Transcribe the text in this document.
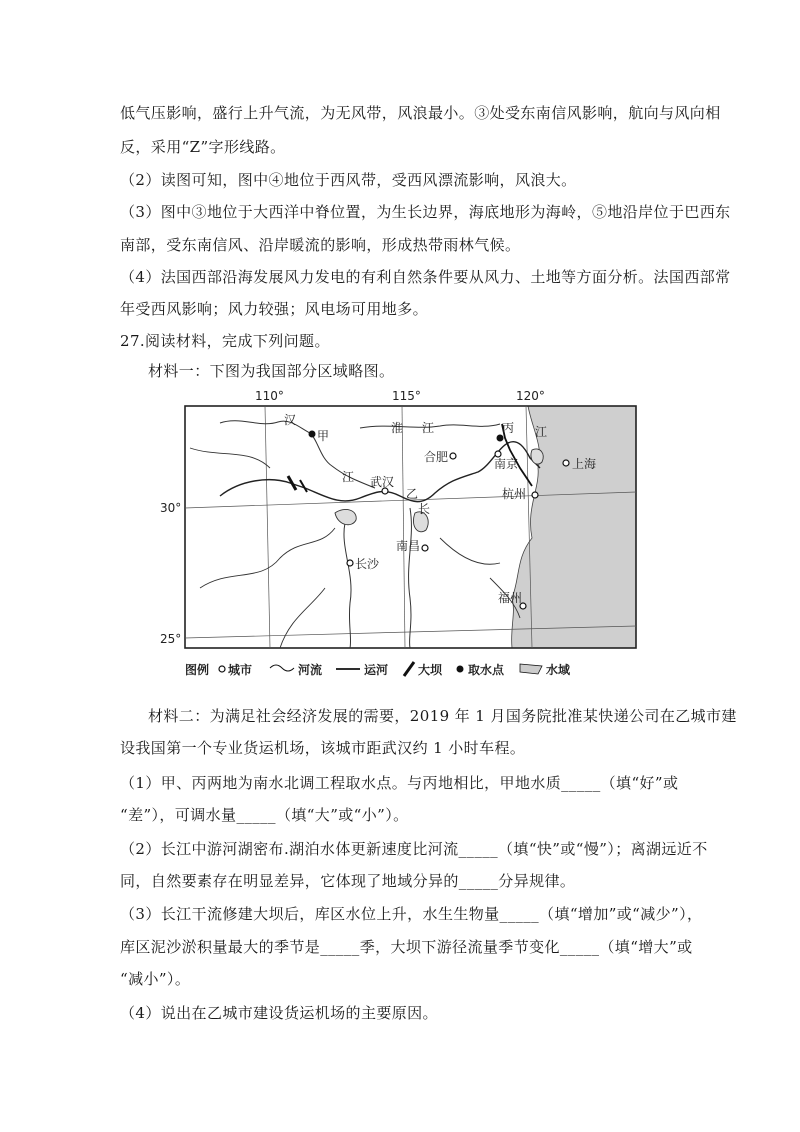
低气压影响，盛行上升气流，为无风带，风浪最小。③处受东南信风影响，航向与风向相
反，采用“Z”字形线路。
（2）读图可知，图中④地位于西风带，受西风漂流影响，风浪大。
（3）图中③地位于大西洋中脊位置，为生长边界，海底地形为海岭，⑤地沿岸位于巴西东
南部，受东南信风、沿岸暖流的影响，形成热带雨林气候。
（4）法国西部沿海发展风力发电的有利自然条件要从风力、土地等方面分析。法国西部常
年受西风影响；风力较强；风电场可用地多。
27.阅读材料，完成下列问题。
材料一：下图为我国部分区域略图。
110°	115°	120°
30°
25°
汉
江
江
长
淮 江
甲
乙
丙
武汉
长沙
南昌
合肥	南京
杭州
福州
上海
图例 城市	河流	运河 大坝 取水点	水域
材料二：为满足社会经济发展的需要，2019 年 1 月国务院批准某快递公司在乙城市建
设我国第一个专业货运机场，该城市距武汉约 1 小时车程。
（1）甲、丙两地为南水北调工程取水点。与丙地相比，甲地水质_____（填“好”或
“差”），可调水量_____（填“大”或“小”）。
（2）长江中游河湖密布.湖泊水体更新速度比河流_____（填“快”或“慢”）；离湖远近不
同，自然要素存在明显差异，它体现了地域分异的_____分异规律。
（3）长江干流修建大坝后，库区水位上升，水生生物量_____（填“增加”或“减少”），
库区泥沙淤积量最大的季节是_____季，大坝下游径流量季节变化_____（填“增大”或
“减小”）。
（4）说出在乙城市建设货运机场的主要原因。
